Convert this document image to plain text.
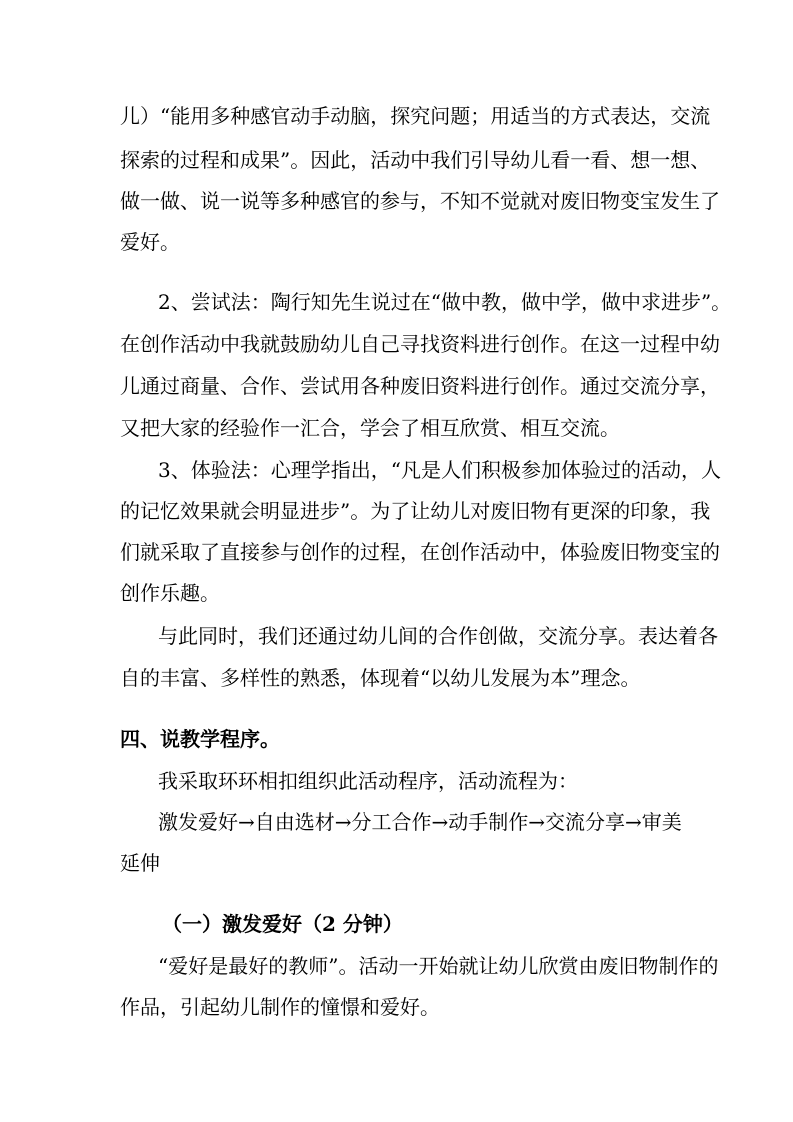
儿）“能用多种感官动手动脑，探究问题；用适当的方式表达，交流
探索的过程和成果”。因此，活动中我们引导幼儿看一看、想一想、
做一做、说一说等多种感官的参与，不知不觉就对废旧物变宝发生了
爱好。
2、尝试法：陶行知先生说过在“做中教，做中学，做中求进步”。
在创作活动中我就鼓励幼儿自己寻找资料进行创作。在这一过程中幼
儿通过商量、合作、尝试用各种废旧资料进行创作。通过交流分享，
又把大家的经验作一汇合，学会了相互欣赏、相互交流。
3、体验法：心理学指出，“凡是人们积极参加体验过的活动，人
的记忆效果就会明显进步”。为了让幼儿对废旧物有更深的印象，我
们就采取了直接参与创作的过程，在创作活动中，体验废旧物变宝的
创作乐趣。
与此同时，我们还通过幼儿间的合作创做，交流分享。表达着各
自的丰富、多样性的熟悉，体现着“以幼儿发展为本”理念。
四、说教学程序。
我采取环环相扣组织此活动程序，活动流程为：
激发爱好→自由选材→分工合作→动手制作→交流分享→审美
延伸
（一）激发爱好（2 分钟）
“爱好是最好的教师”。活动一开始就让幼儿欣赏由废旧物制作的
作品，引起幼儿制作的憧憬和爱好。
